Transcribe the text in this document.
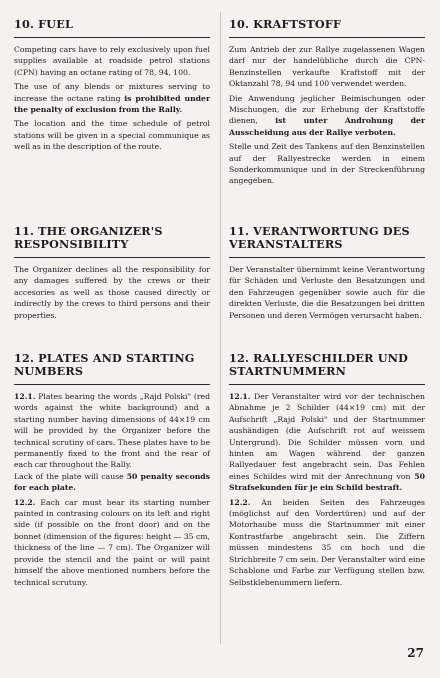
10. FUEL

Competing cars have to rely exclusively upon fuel supplies available at roadside petrol stations (CPN) having an octane rating of 78, 94, 100.

The use of any blends or mixtures serving to increase the octane rating is prohibited under the penalty of exclusion from the Rally.

The location and the time schedule of petrol stations will be given in a special communique as well as in the description of the route.

11. THE ORGANIZER'S RESPONSIBILITY

The Organizer declines all the responsibility for any damages suffered by the crews or their accesories as well as those caused directly or indirectly by the crews to third persons and their properties.

12. PLATES AND STARTING NUMBERS

12.1. Plates bearing the words „Rajd Polski" (red words against the white background) and a starting number having dimensions of 44×19 cm will be provided by the Organizer before the technical scrutiny of cars. These plates have to be permanently fixed to the front and the rear of each car throughout the Rally.

Lack of the plate will cause 50 penalty seconds for each plate.

12.2. Each car must bear its starting number painted in contrasing colours on its left and right side (if possible on the front door) and on the bonnet (dimension of the figures: height — 35 cm, thickness of the line — 7 cm). The Organizer will provide the stencil and the paint or will paint himself the above mentioned numbers before the technical scrutuny.

10. KRAFTSTOFF

Zum Antrieb der zur Rallye zugelassenen Wagen darf nur der handelübliche durch die CPN-Benzinstellen verkaufte Kraftstoff mit der Oktanzahl 78, 94 und 100 verwendet werden.

Die Anwendung jeglicher Beimischungen oder Mischungen, die zur Erhebung der Kraftstoffe dienen, ist unter Androhung der Ausscheidung aus der Rallye verboten.

Stelle und Zeit des Tankens auf den Benzinstellen auf der Rallyestrecke werden in einem Sonderkommunique und in der Streckenführung angegeben.

11. VERANTWORTUNG DES VERANSTALTERS

Der Veranstalter übernimmt keine Verantwortung für Schäden und Verluste den Besatzungen und den Fahrzeugen gegenüber sowie auch für die direkten Verluste, die die Besatzungen bei dritten Personen und deren Vermögen verursacht haben.

12. RALLYESCHILDER UND STARTNUMMERN

12.1. Der Veranstalter wird vor der technischen Abnahme je 2 Schilder (44×19 cm) mit der Aufschrift „Rajd Polski" und der Startnummer aushändigen (die Aufschrift rot auf weissem Untergrund). Die Schilder müssen vorn und hinten am Wagen während der ganzen Rallyedauer fest angebracht sein. Das Fehlen eines Schildes wird mit der Anrechnung von 50 Strafsekunden für je ein Schild bestraft.

12.2. An beiden Seiten des Fahrzeuges (möglichst auf den Vordertüren) und auf der Motorhaube muss die Startnummer mit einer Kontrastfarbe angebracht sein. Die Ziffern müssen mindestens 35 cm hoch und die Strichbreite 7 cm sein. Der Veranstalter wird eine Schablone und Farbe zur Verfügung stellen bzw. Selbstklebenummern liefern.

27
